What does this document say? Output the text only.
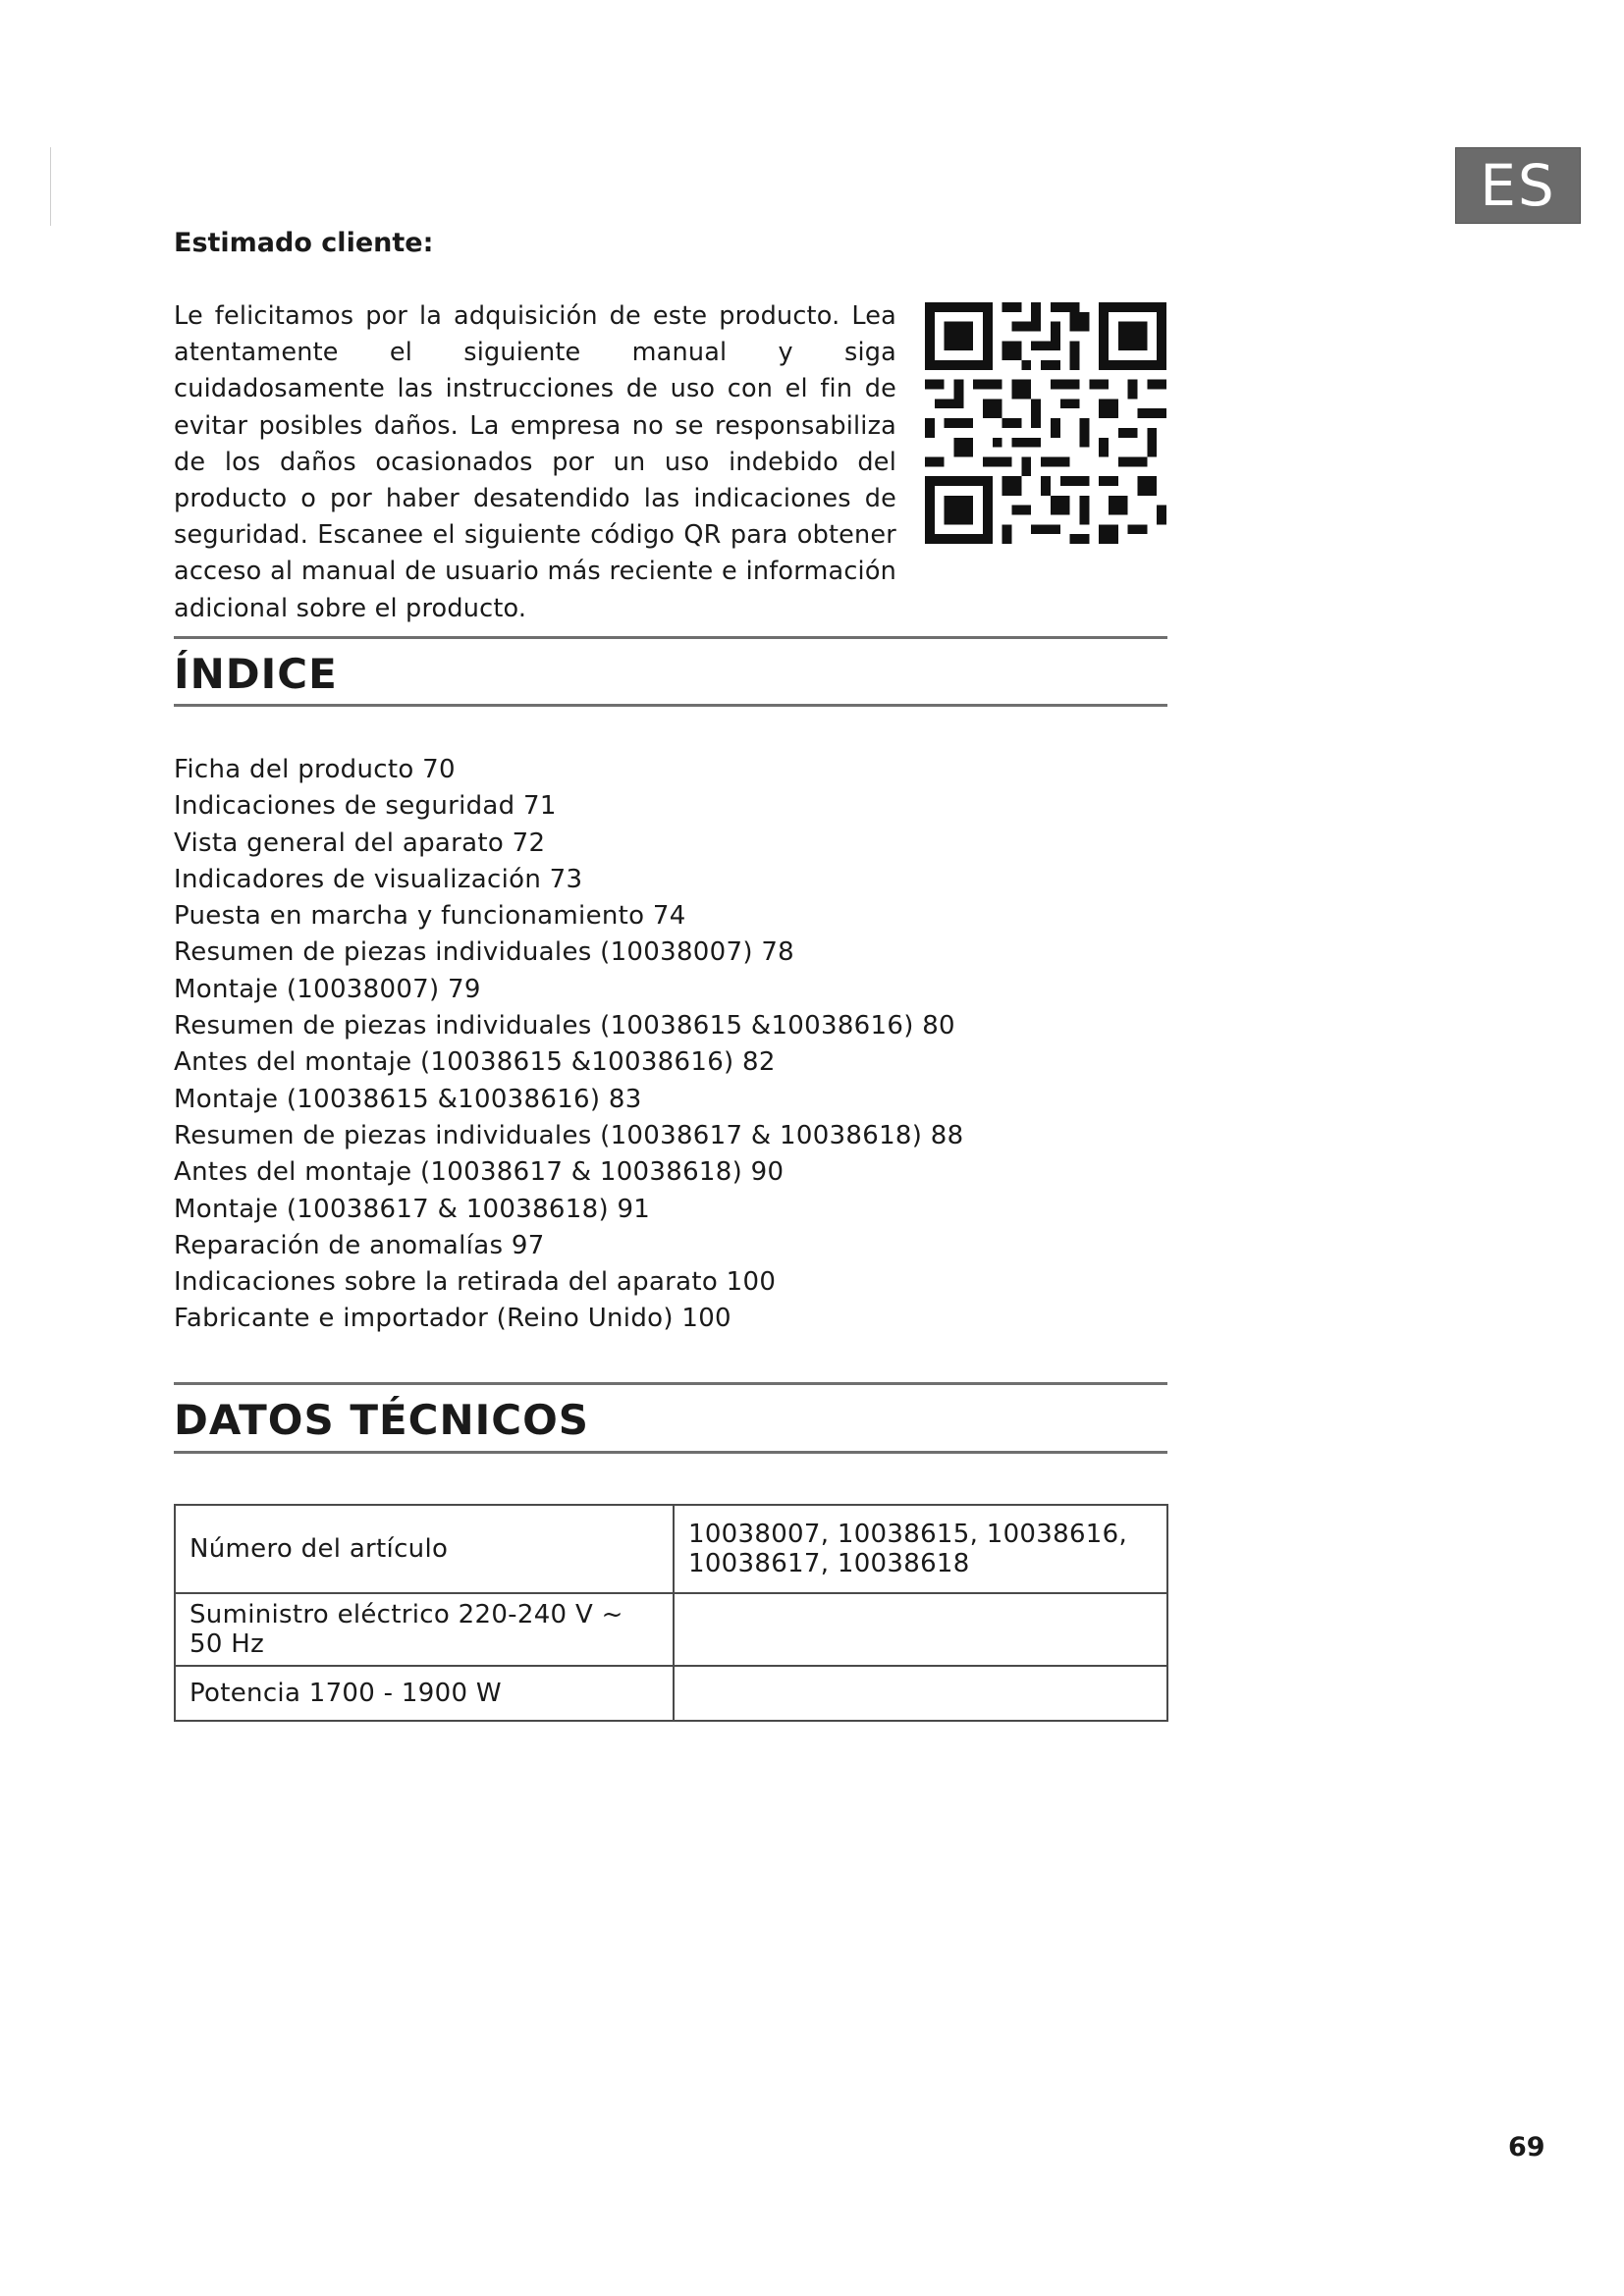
ES
Estimado cliente:
Le felicitamos por la adquisición de este producto. Lea atentamente el siguiente manual y siga cuidadosamente las instrucciones de uso con el fin de evitar posibles daños. La empresa no se responsabiliza de los daños ocasionados por un uso indebido del producto o por haber desatendido las indicaciones de seguridad. Escanee el siguiente código QR para obtener acceso al manual de usuario más reciente e información adicional sobre el producto.
ÍNDICE
Ficha del producto 70
Indicaciones de seguridad 71
Vista general del aparato 72
Indicadores de visualización 73
Puesta en marcha y funcionamiento 74
Resumen de piezas individuales (10038007) 78
Montaje (10038007) 79
Resumen de piezas individuales (10038615 &10038616) 80
Antes del montaje (10038615 &10038616) 82
Montaje (10038615 &10038616) 83
Resumen de piezas individuales (10038617 & 10038618) 88
Antes del montaje (10038617 & 10038618) 90
Montaje (10038617 & 10038618) 91
Reparación de anomalías 97
Indicaciones sobre la retirada del aparato 100
Fabricante e importador (Reino Unido) 100
DATOS TÉCNICOS
Número del artículo	10038007, 10038615, 10038616, 10038617, 10038618
Suministro eléctrico 220-240 V ~ 50 Hz	
Potencia 1700 - 1900 W	
69
